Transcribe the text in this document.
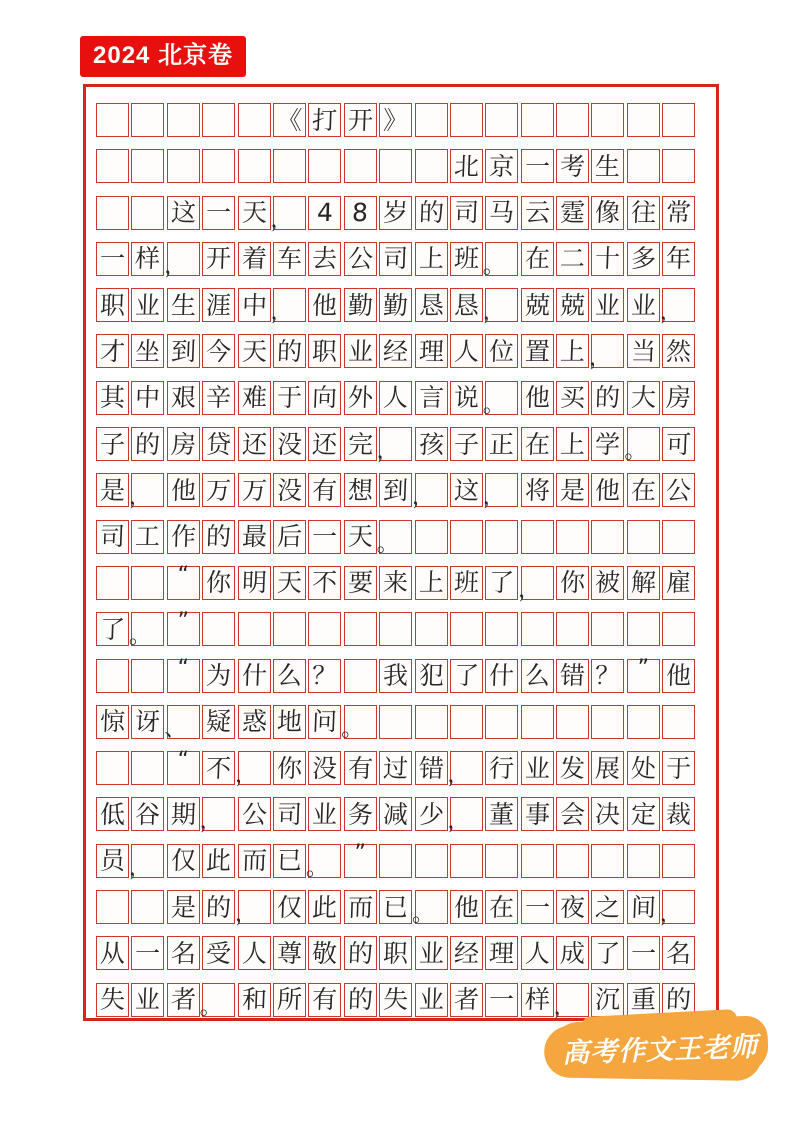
2024 北京卷
《 打 开 》
北 京 一 考 生
这 一 天 ， 4 8 岁 的 司 马 云 霆 像 往 常
一 样 ， 开 着 车 去 公 司 上 班 。 在 二 十 多 年
职 业 生 涯 中 ， 他 勤 勤 恳 恳 ， 兢 兢 业 业 ，
才 坐 到 今 天 的 职 业 经 理 人 位 置 上 ， 当 然
其 中 艰 辛 难 于 向 外 人 言 说 。 他 买 的 大 房
子 的 房 贷 还 没 还 完 ， 孩 子 正 在 上 学 。 可
是 ， 他 万 万 没 有 想 到 ， 这 ， 将 是 他 在 公
司 工 作 的 最 后 一 天 。
“ 你 明 天 不 要 来 上 班 了 ， 你 被 解 雇
了 。
”
“ 为 什 么 ？ 我 犯 了 什 么 错 ？ ” 他
惊 讶 、 疑 惑 地 问 。
“ 不 ， 你 没 有 过 错 ， 行 业 发 展 处 于
低 谷 期 ， 公 司 业 务 减 少 ， 董 事 会 决 定 裁
员 ， 仅 此 而 已 。
”
是 的 ， 仅 此 而 已 。 他 在 一 夜 之 间 ，
从 一 名 受 人 尊 敬 的 职 业 经 理 人 成 了 一 名
失 业 者 。 和 所 有 的 失 业 者 一 样 ， 沉 重 的
高考作文王老师
